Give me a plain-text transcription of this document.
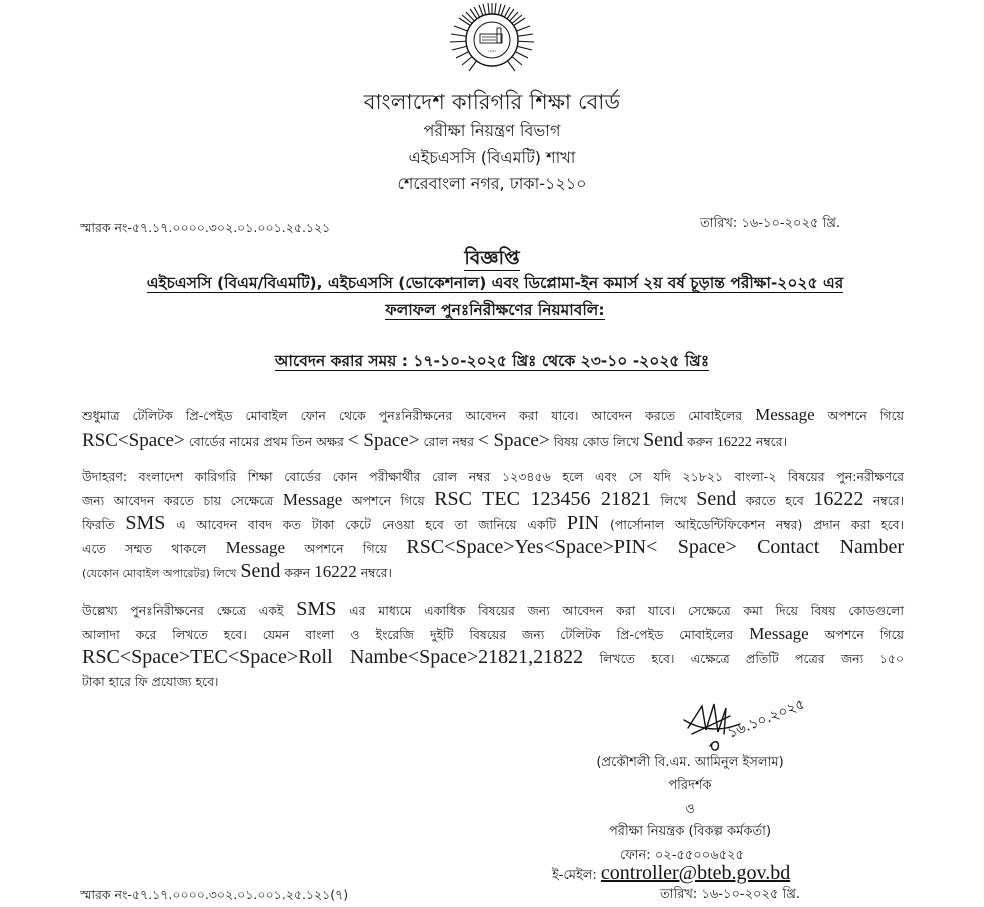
১৯৬৭
বাংলাদেশ কারিগরি শিক্ষা বোর্ড
পরীক্ষা নিয়ন্ত্রণ বিভাগ
এইচএসসি (বিএমটি) শাখা
শেরেবাংলা নগর, ঢাকা-১২১০
স্মারক নং-৫৭.১৭.০০০০.৩০২.০১.০০১.২৫.১২১	তারিখ: ১৬-১০-২০২৫ খ্রি.
বিজ্ঞপ্তি
এইচএসসি (বিএম/বিএমটি), এইচএসসি (ভোকেশনাল) এবং ডিপ্লোমা-ইন কমার্স ২য় বর্ষ চূড়ান্ত পরীক্ষা-২০২৫ এর
ফলাফল পুনঃনিরীক্ষণের নিয়মাবলি:
আবেদন করার সময় : ১৭-১০-২০২৫ খ্রিঃ থেকে ২৩-১০ -২০২৫ খ্রিঃ
শুধুমাত্র টেলিটক প্রি-পেইড মোবাইল ফোন থেকে পুনঃনিরীক্ষনের আবেদন করা যাবে। আবেদন করতে মোবাইলের Message অপশনে গিয়ে
RSC<Space> বোর্ডের নামের প্রথম তিন অক্ষর < Space> রোল নম্বর < Space> বিষয় কোড লিখে Send করুন 16222 নম্বরে।
উদাহরণ: বংলাদেশ কারিগরি শিক্ষা বোর্ডের কোন পরীক্ষার্থীর রোল নম্বর ১২৩৪৫৬ হলে এবং সে যদি ২১৮২১ বাংলা-২ বিষয়ের পুন:নরীক্ষণরে
জন্য আবেদন করতে চায় সেক্ষেত্রে Message অপশনে গিয়ে RSC TEC 123456 21821 লিখে Send করতে হবে 16222 নম্বরে।
ফিরতি SMS এ আবেদন বাবদ কত টাকা কেটে নেওয়া হবে তা জানিয়ে একটি PIN (পার্সোনাল আইডেন্টিফিকেশন নম্বর) প্রদান করা হবে।
এতে সম্মত থাকলে Message অপশনে গিয়ে RSC<Space>Yes<Space>PIN< Space> Contact Namber
(যেকোন মোবাইল অপারেটর) লিখে Send করুন 16222 নম্বরে।
উল্লেখ্য পুনঃনিরীক্ষনের ক্ষেত্রে একই SMS এর মাধ্যমে একাধিক বিষয়ের জন্য আবেদন করা যাবে। সেক্ষেত্রে কমা দিয়ে বিষয় কোডগুলো
আলাদা করে লিখতে হবে। যেমন বাংলা ও ইংরেজি দুইটি বিষয়ের জন্য টেলিটক প্রি-পেইড মোবাইলের Message অপশনে গিয়ে
RSC<Space>TEC<Space>Roll Nambe<Space>21821,21822 লিখতে হবে। এক্ষেত্রে প্রতিটি পত্রের জন্য ১৫০
টাকা হারে ফি প্রযোজ্য হবে।
১৬.১০.২০২৫
(প্রকৌশলী বি.এম. আমিনুল ইসলাম)
পরিদর্শক
ও
পরীক্ষা নিয়ন্ত্রক (বিকল্প কর্মকর্তা)
ফোন: ০২-৫৫০০৬৫২৫
ই-মেইল: controller@bteb.gov.bd
তারিখ: ১৬-১০-২০২৫ খ্রি.
স্মারক নং-৫৭.১৭.০০০০.৩০২.০১.০০১.২৫.১২১(৭)
